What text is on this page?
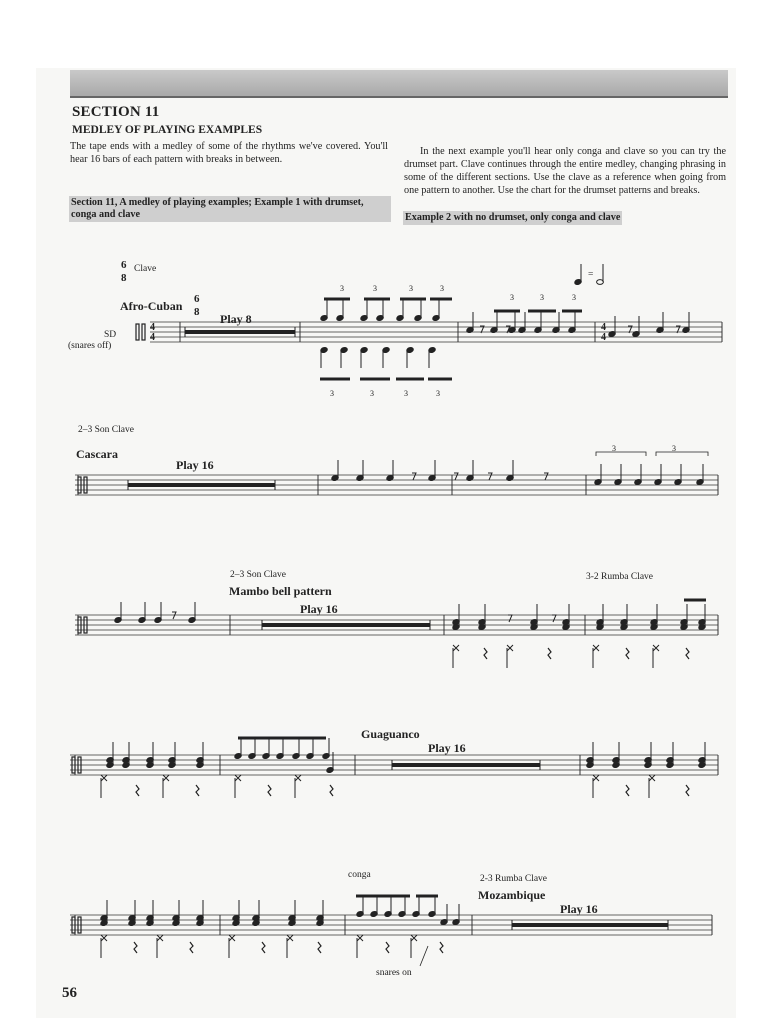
SECTION 11
MEDLEY OF PLAYING EXAMPLES
The tape ends with a medley of some of the rhythms we've covered. You'll hear 16 bars of each pattern with breaks in between.
In the next example you'll hear only conga and clave so you can try the drumset part. Clave continues through the entire medley, changing phrasing in some of the different sections. Use the clave as a reference when going from one pattern to another. Use the chart for the drumset patterns and breaks.
Section 11, A medley of playing examples; Example 1 with drumset, conga and clave	Example 2 with no drumset, only conga and clave
Clave
Afro-Cuban
Play 8
SD
(snares off)
=
2–3 Son Clave
Cascara
Play 16
2–3 Son Clave
Mambo bell pattern
Play 16
3-2 Rumba Clave
Guaguanco
Play 16
conga	2-3 Rumba Clave
Mozambique
Play 16
snares on
56
6
8
6
8
4
4
4
4
3	3	3	3
3	3	3	3
3	3	3
3	3
